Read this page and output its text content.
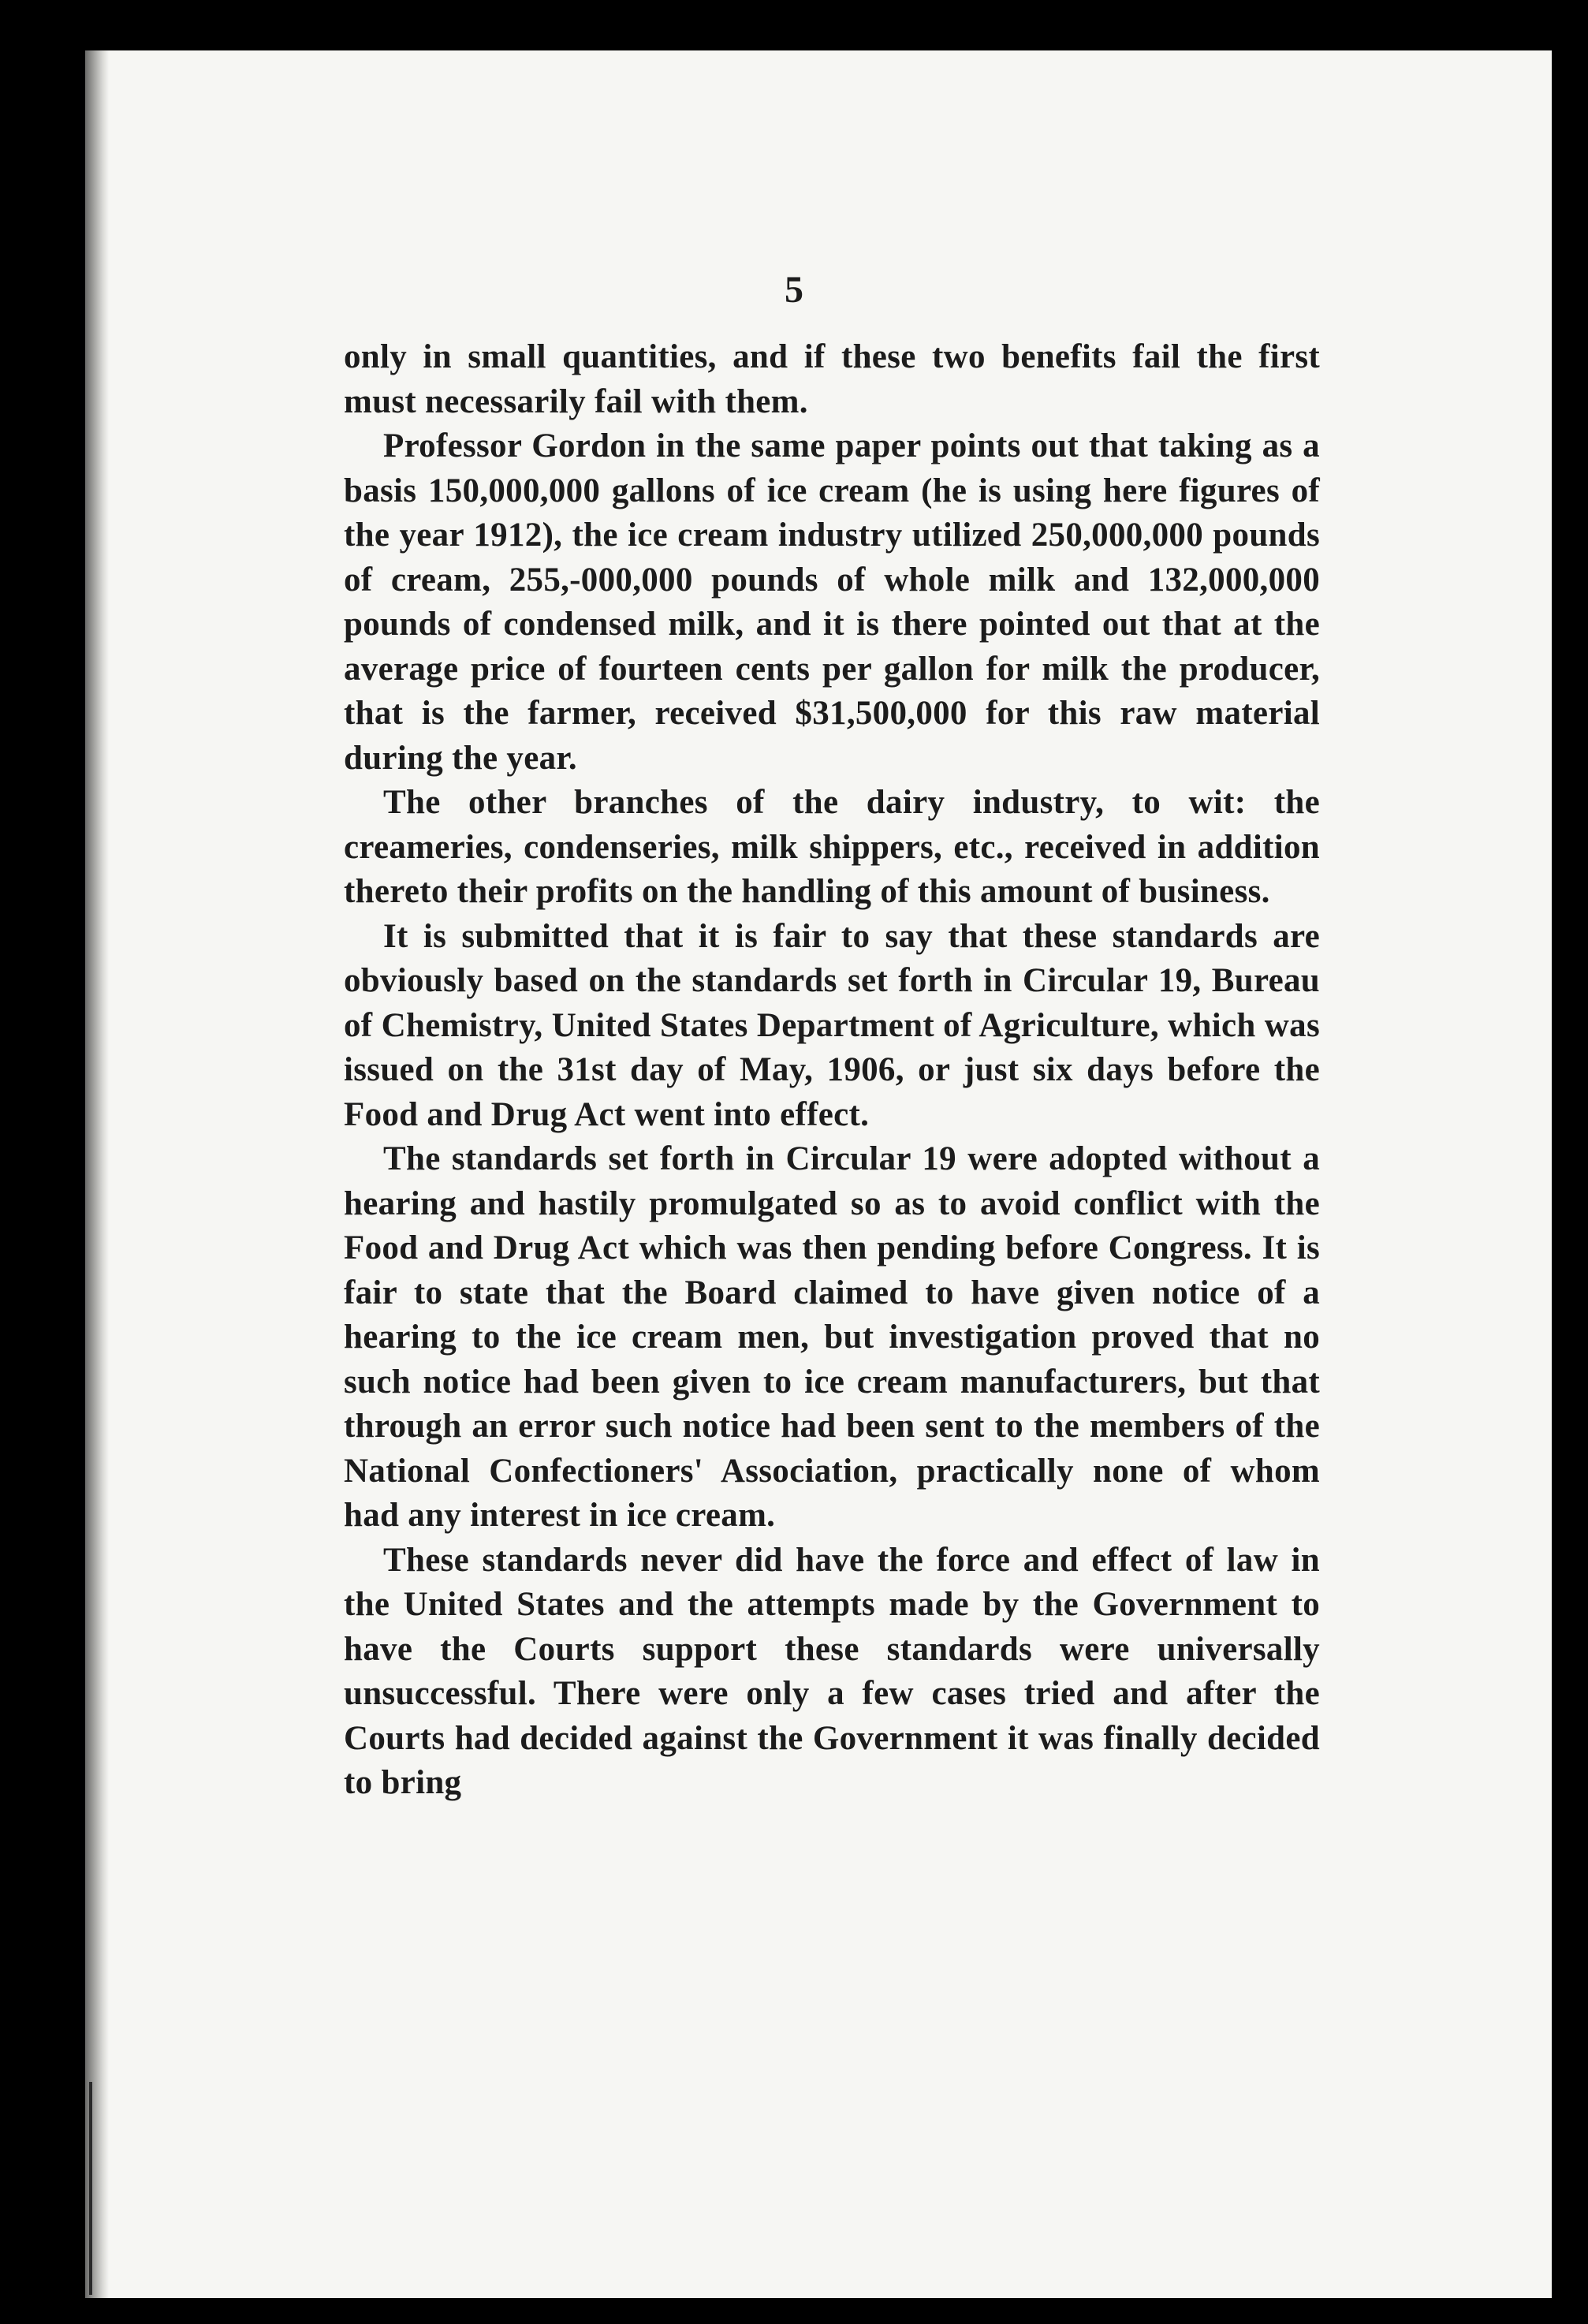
5

only in small quantities, and if these two benefits fail the first must necessarily fail with them.

Professor Gordon in the same paper points out that taking as a basis 150,000,000 gallons of ice cream (he is using here figures of the year 1912), the ice cream industry utilized 250,000,000 pounds of cream, 255,-000,000 pounds of whole milk and 132,000,000 pounds of condensed milk, and it is there pointed out that at the average price of fourteen cents per gallon for milk the producer, that is the farmer, received $31,500,000 for this raw material during the year.

The other branches of the dairy industry, to wit: the creameries, condenseries, milk shippers, etc., received in addition thereto their profits on the handling of this amount of business.

It is submitted that it is fair to say that these standards are obviously based on the standards set forth in Circular 19, Bureau of Chemistry, United States Department of Agriculture, which was issued on the 31st day of May, 1906, or just six days before the Food and Drug Act went into effect.

The standards set forth in Circular 19 were adopted without a hearing and hastily promulgated so as to avoid conflict with the Food and Drug Act which was then pending before Congress. It is fair to state that the Board claimed to have given notice of a hearing to the ice cream men, but investigation proved that no such notice had been given to ice cream manufacturers, but that through an error such notice had been sent to the members of the National Confectioners' Association, practically none of whom had any interest in ice cream.

These standards never did have the force and effect of law in the United States and the attempts made by the Government to have the Courts support these standards were universally unsuccessful. There were only a few cases tried and after the Courts had decided against the Government it was finally decided to bring
